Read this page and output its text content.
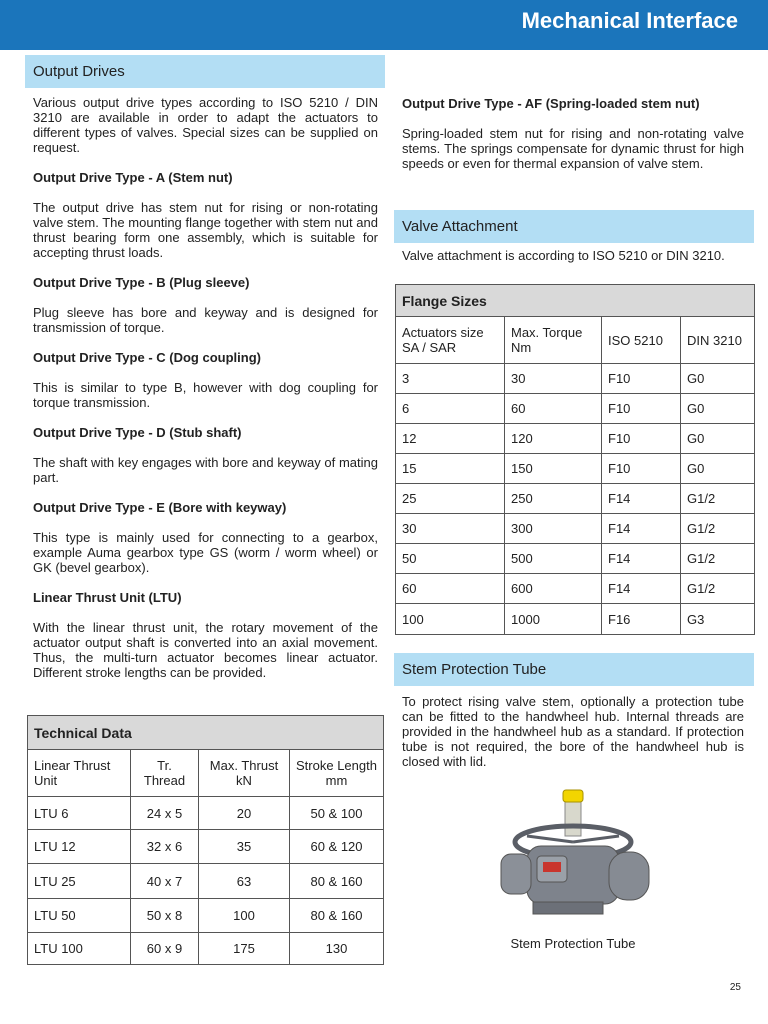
Mechanical Interface
Output Drives

Various output drive types according to ISO 5210 / DIN 3210 are available in order to adapt the actuators to different types of valves. Special sizes can be supplied on request.

Output Drive Type - A (Stem nut)

The output drive has stem nut for rising or non-rotating valve stem. The mounting flange together with stem nut and thrust bearing form one assembly, which is suitable for accepting thrust loads.

Output Drive Type - B (Plug sleeve)

Plug sleeve has bore and keyway and is designed for transmission of torque.

Output Drive Type - C (Dog coupling)

This is similar to type B, however with dog coupling for torque transmission.

Output Drive Type - D (Stub shaft)

The shaft with key engages with bore and keyway of mating part.

Output Drive Type - E (Bore with keyway)

This type is mainly used for connecting to a gearbox, example Auma gearbox type GS (worm / worm wheel) or GK (bevel gearbox).

Linear Thrust Unit (LTU)

With the linear thrust unit, the rotary movement of the actuator output shaft is converted into an axial movement. Thus, the multi-turn actuator becomes linear actuator. Different stroke lengths can be provided.

Technical Data			
Linear Thrust Unit	Tr. Thread	Max. Thrust kN	Stroke Length mm
LTU 6	24 x 5	20	50 & 100
LTU 12	32 x 6	35	60 & 120
LTU 25	40 x 7	63	80 & 160
LTU 50	50 x 8	100	80 & 160
LTU 100	60 x 9	175	130
Output Drive Type - AF (Spring-loaded stem nut)

Spring-loaded stem nut for rising and non-rotating valve stems. The springs compensate for dynamic thrust for high speeds or even for thermal expansion of valve stem.

Valve Attachment

Valve attachment is according to ISO 5210 or DIN 3210.

Flange Sizes			
Actuators size SA / SAR	Max. Torque Nm	ISO 5210	DIN 3210
3	30	F10	G0
6	60	F10	G0
12	120	F10	G0
15	150	F10	G0
25	250	F14	G1/2
30	300	F14	G1/2
50	500	F14	G1/2
60	600	F14	G1/2
100	1000	F16	G3
Stem Protection Tube

To protect rising valve stem, optionally a protection tube can be fitted to the handwheel hub. Internal threads are provided in the handwheel hub as a standard. If protection tube is not required, the bore of the handwheel hub is closed with lid.

Stem Protection Tube
25
